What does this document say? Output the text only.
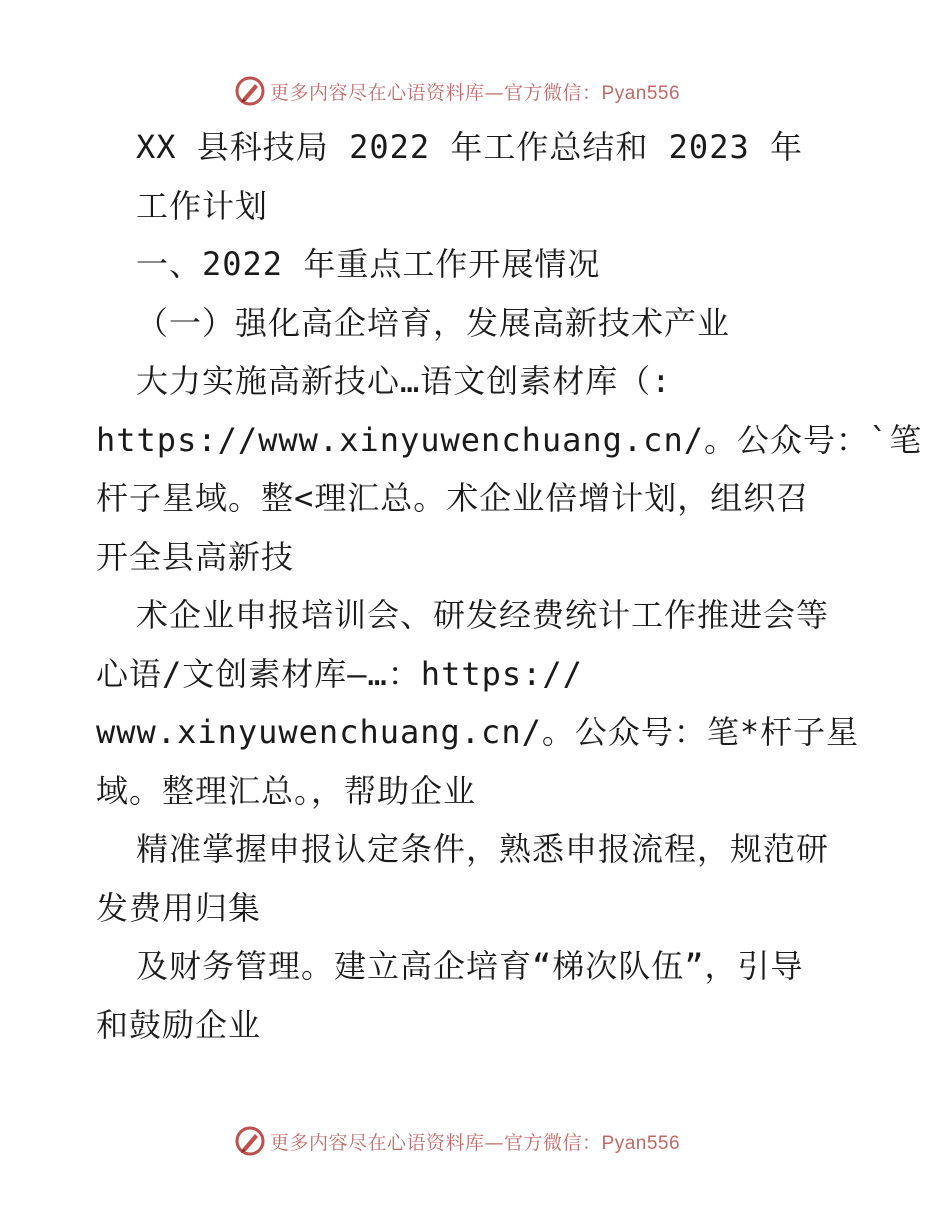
更多内容尽在心语资料库—官方微信：Pyan556
XX 县科技局 2022 年工作总结和 2023 年
工作计划
一、2022 年重点工作开展情况
（一）强化高企培育，发展高新技术产业
大力实施高新技心…语文创素材库（:
https://www.xinyuwenchuang.cn/。公众号：`笔
杆子星域。整<理汇总。术企业倍增计划，组织召
开全县高新技
术企业申报培训会、研发经费统计工作推进会等
心语/文创素材库—…：https://
www.xinyuwenchuang.cn/。公众号：笔*杆子星
域。整理汇总。，帮助企业
精准掌握申报认定条件，熟悉申报流程，规范研
发费用归集
及财务管理。建立高企培育“梯次队伍”，引导
和鼓励企业
更多内容尽在心语资料库—官方微信：Pyan556
